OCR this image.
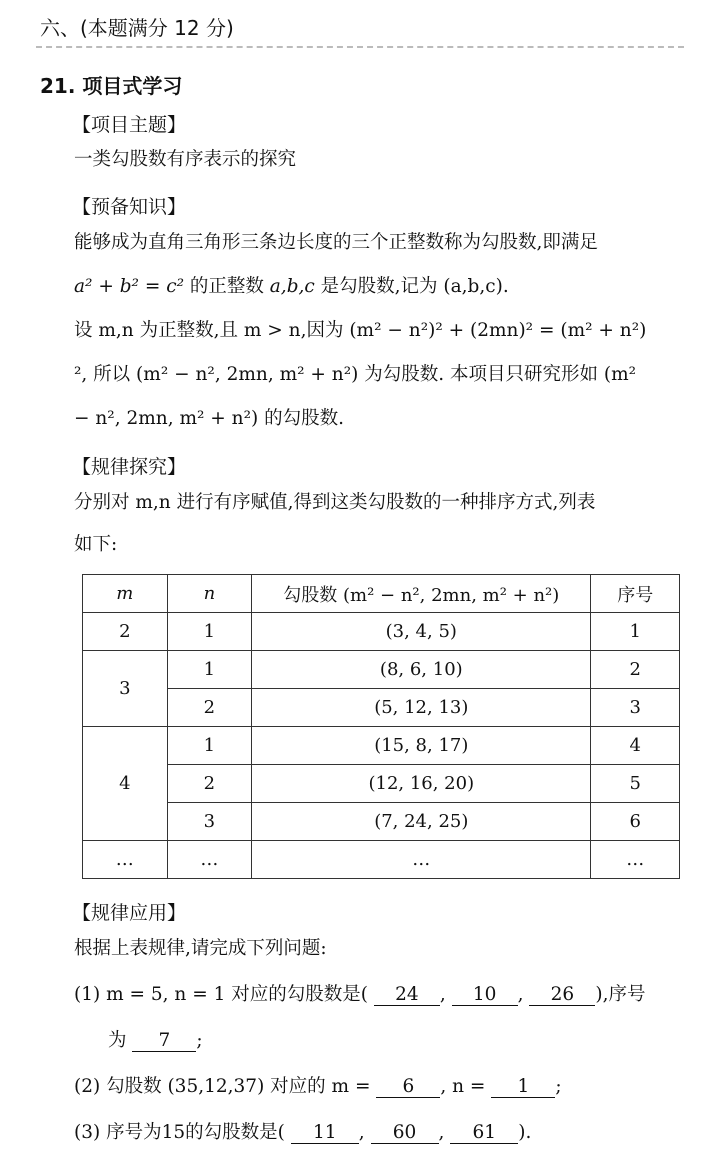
六、(本题满分 12 分)
21. 项目式学习
【项目主题】
一类勾股数有序表示的探究
【预备知识】
能够成为直角三角形三条边长度的三个正整数称为勾股数,即满足
a² + b² = c² 的正整数 a,b,c 是勾股数,记为 (a,b,c).
设 m,n 为正整数,且 m > n,因为 (m² − n²)² + (2mn)² = (m² + n²)
², 所以 (m² − n², 2mn, m² + n²) 为勾股数. 本项目只研究形如 (m²
− n², 2mn, m² + n²) 的勾股数.
【规律探究】
分别对 m,n 进行有序赋值,得到这类勾股数的一种排序方式,列表
如下:
m	n	勾股数 (m² − n², 2mn, m² + n²)	序号
2	1	(3, 4, 5)	1
3	1	(8, 6, 10)	2
	2	(5, 12, 13)	3
4	1	(15, 8, 17)	4
	2	(12, 16, 20)	5
	3	(7, 24, 25)	6
…	…	…	…
【规律应用】
根据上表规律,请完成下列问题:
(1) m = 5, n = 1 对应的勾股数是( 24 , 10 , 26 ),序号
为 7 ;
(2) 勾股数 (35,12,37) 对应的 m = 6 , n = 1 ;
(3) 序号为15的勾股数是( 11 , 60 , 61 ).
